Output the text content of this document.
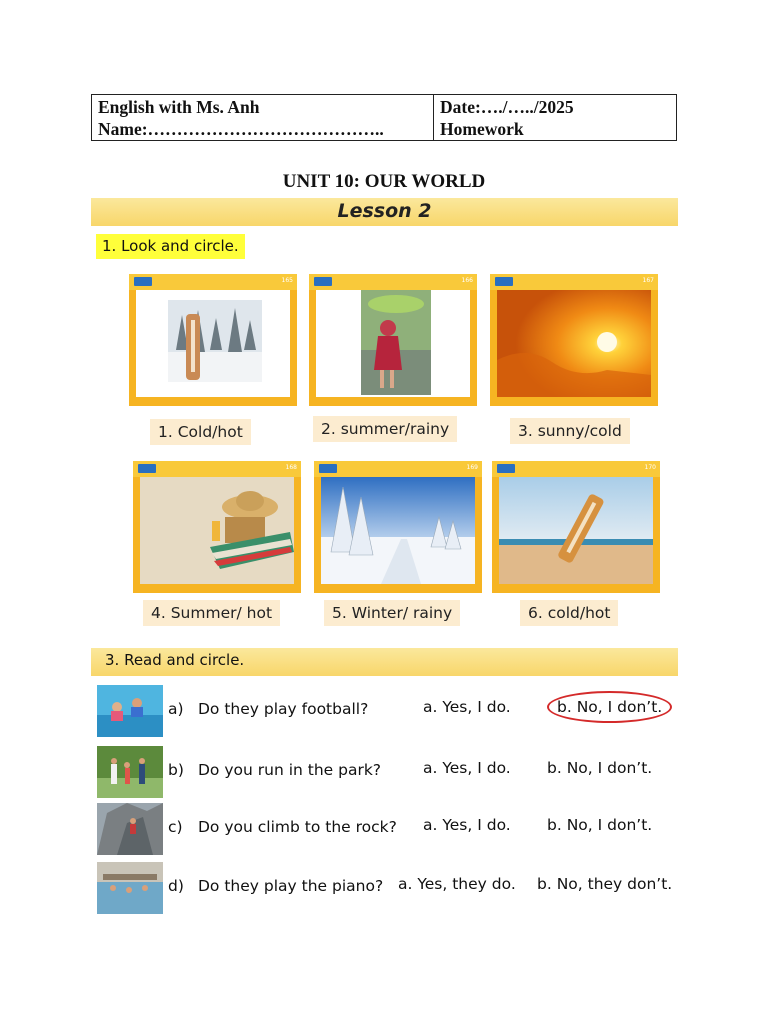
English with Ms. Anh
Name:…………………………………..
Date:…./…../2025
Homework
UNIT 10: OUR WORLD
Lesson 2
1. Look and circle.
165	166	167
1. Cold/hot	2. summer/rainy	3. sunny/cold
168	169	170
4. Summer/ hot	5. Winter/ rainy	6. cold/hot
3. Read and circle.
a) Do they play football?	a. Yes, I do.	b. No, I don’t.
b) Do you run in the park?	a. Yes, I do. b. No, I don’t.
c) Do you climb to the rock? a. Yes, I do. b. No, I don’t.
d) Do they play the piano? a. Yes, they do. b. No, they don’t.
